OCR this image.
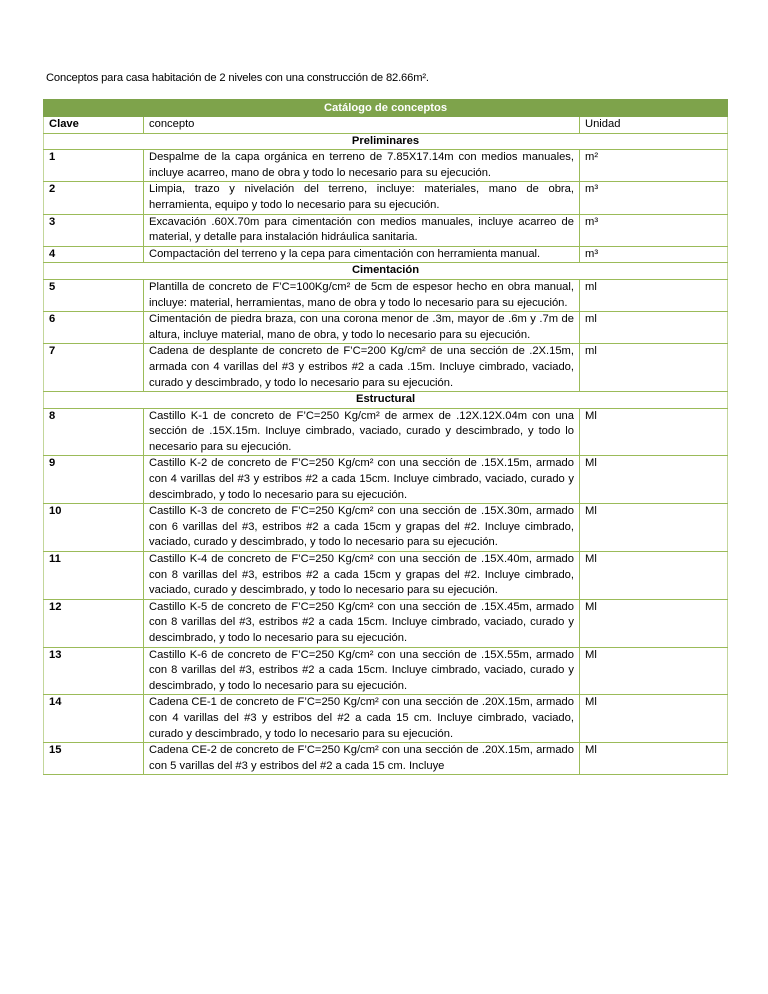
Conceptos para casa habitación de 2 niveles con una construcción de 82.66m².
Catálogo de conceptos		
Clave	concepto	Unidad
Preliminares		
1	Despalme de la capa orgánica en terreno de 7.85X17.14m con medios manuales, incluye acarreo, mano de obra y todo lo necesario para su ejecución.	m²
2	Limpia, trazo y nivelación del terreno, incluye: materiales, mano de obra, herramienta, equipo y todo lo necesario para su ejecución.	m³
3	Excavación .60X.70m para cimentación con medios manuales, incluye acarreo de material, y detalle para instalación hidráulica sanitaria.	m³
4	Compactación del terreno y la cepa para cimentación con herramienta manual.	m³
Cimentación		
5	Plantilla de concreto de F’C=100Kg/cm² de 5cm de espesor hecho en obra manual, incluye: material, herramientas, mano de obra y todo lo necesario para su ejecución.	ml
6	Cimentación de piedra braza, con una corona menor de .3m, mayor de .6m y .7m de altura, incluye material, mano de obra, y todo lo necesario para su ejecución.	ml
7	Cadena de desplante de concreto de F’C=200 Kg/cm² de una sección de .2X.15m, armada con 4 varillas del #3 y estribos #2 a cada .15m. Incluye cimbrado, vaciado, curado y descimbrado, y todo lo necesario para su ejecución.	ml
Estructural		
8	Castillo K-1 de concreto de F’C=250 Kg/cm² de armex de .12X.12X.04m con una sección de .15X.15m. Incluye cimbrado, vaciado, curado y descimbrado, y todo lo necesario para su ejecución.	Ml
9	Castillo K-2 de concreto de F’C=250 Kg/cm² con una sección de .15X.15m, armado con 4 varillas del #3 y estribos #2 a cada 15cm. Incluye cimbrado, vaciado, curado y descimbrado, y todo lo necesario para su ejecución.	Ml
10	Castillo K-3 de concreto de F’C=250 Kg/cm² con una sección de .15X.30m, armado con 6 varillas del #3, estribos #2 a cada 15cm y grapas del #2. Incluye cimbrado, vaciado, curado y descimbrado, y todo lo necesario para su ejecución.	Ml
11	Castillo K-4 de concreto de F’C=250 Kg/cm² con una sección de .15X.40m, armado con 8 varillas del #3, estribos #2 a cada 15cm y grapas del #2. Incluye cimbrado, vaciado, curado y descimbrado, y todo lo necesario para su ejecución.	Ml
12	Castillo K-5 de concreto de F’C=250 Kg/cm² con una sección de .15X.45m, armado con 8 varillas del #3, estribos #2 a cada 15cm. Incluye cimbrado, vaciado, curado y descimbrado, y todo lo necesario para su ejecución.	Ml
13	Castillo K-6 de concreto de F’C=250 Kg/cm² con una sección de .15X.55m, armado con 8 varillas del #3, estribos #2 a cada 15cm. Incluye cimbrado, vaciado, curado y descimbrado, y todo lo necesario para su ejecución.	Ml
14	Cadena CE-1 de concreto de F’C=250 Kg/cm² con una sección de .20X.15m, armado con 4 varillas del #3 y estribos del #2 a cada 15 cm. Incluye cimbrado, vaciado, curado y descimbrado, y todo lo necesario para su ejecución.	Ml
15	Cadena CE-2 de concreto de F’C=250 Kg/cm² con una sección de .20X.15m, armado con 5 varillas del #3 y estribos del #2 a cada 15 cm. Incluye	Ml
